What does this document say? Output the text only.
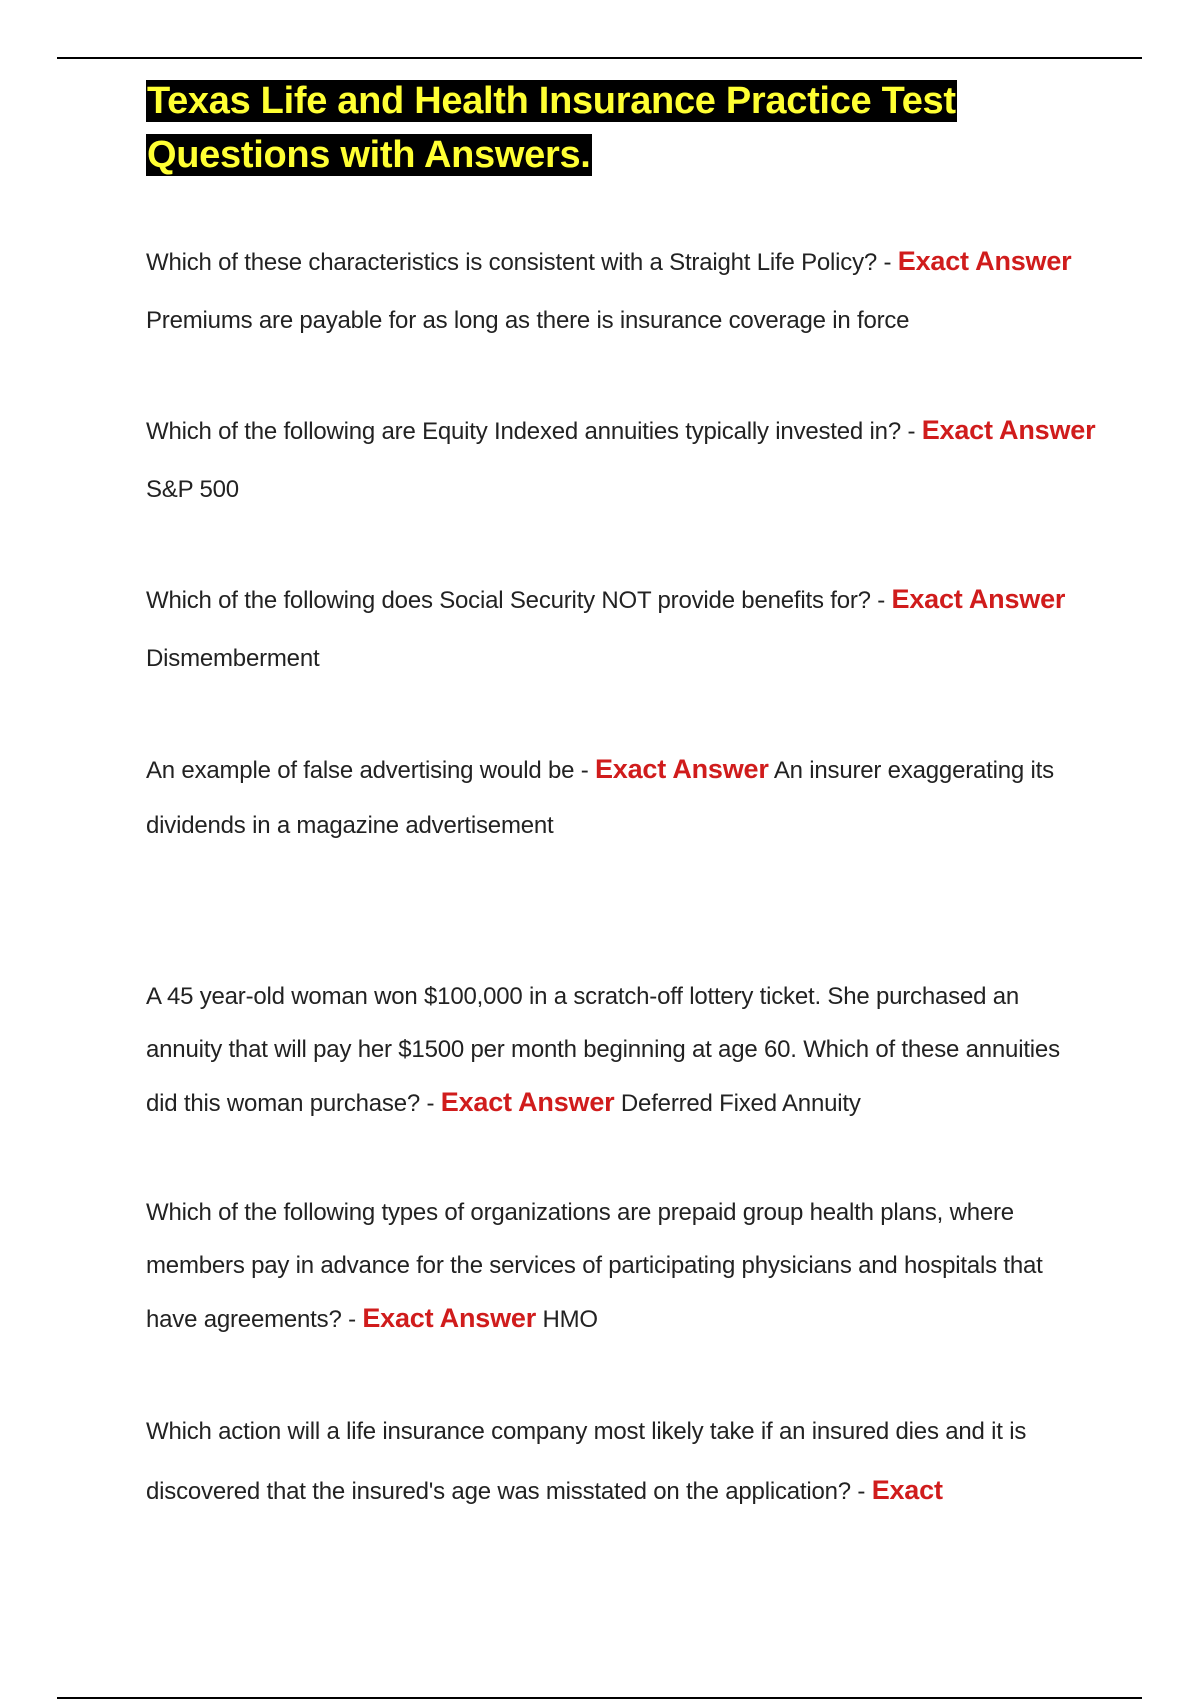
Texas Life and Health Insurance Practice Test Questions with Answers.

Which of these characteristics is consistent with a Straight Life Policy? - Exact Answer Premiums are payable for as long as there is insurance coverage in force

Which of the following are Equity Indexed annuities typically invested in? - Exact Answer S&P 500

Which of the following does Social Security NOT provide benefits for? - Exact Answer Dismemberment

An example of false advertising would be - Exact Answer An insurer exaggerating its dividends in a magazine advertisement

A 45 year-old woman won $100,000 in a scratch-off lottery ticket. She purchased an annuity that will pay her $1500 per month beginning at age 60. Which of these annuities did this woman purchase? - Exact Answer Deferred Fixed Annuity

Which of the following types of organizations are prepaid group health plans, where members pay in advance for the services of participating physicians and hospitals that have agreements? - Exact Answer HMO

Which action will a life insurance company most likely take if an insured dies and it is discovered that the insured's age was misstated on the application? - Exact
